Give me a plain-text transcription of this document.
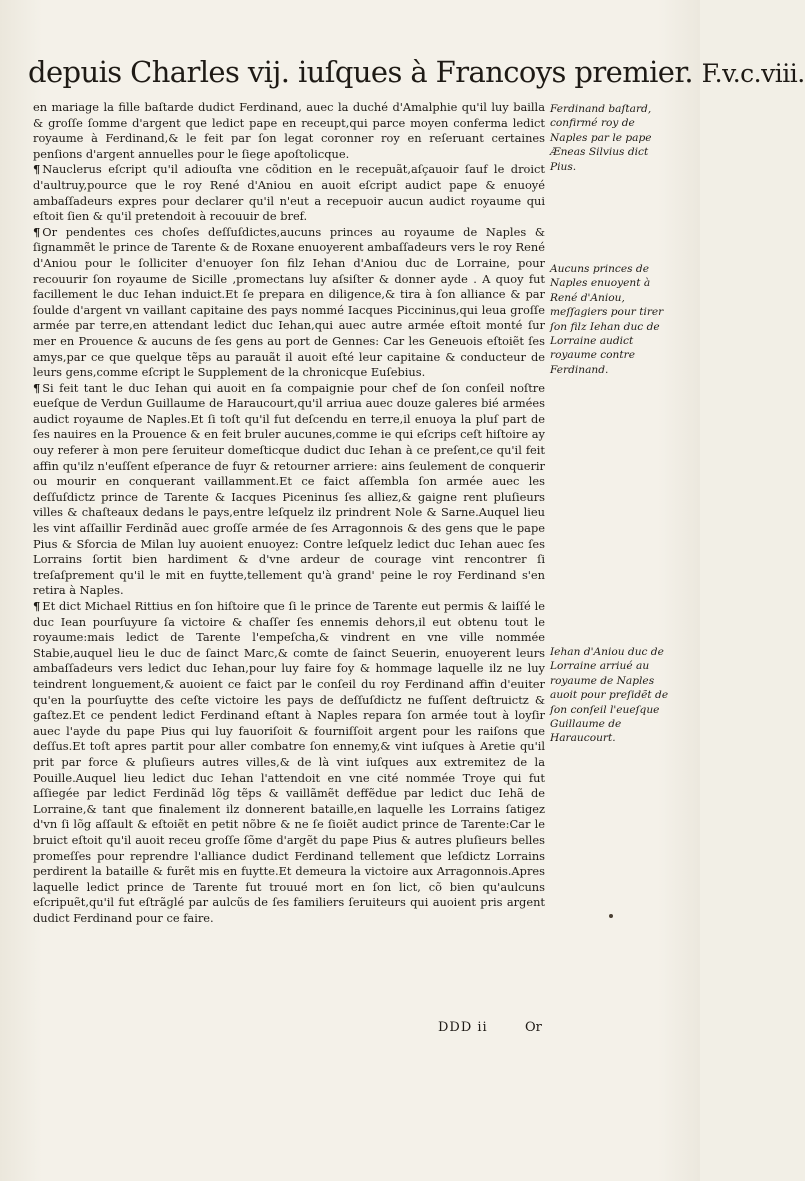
depuis Charles vij. iuſques à Francoys premier. F.v.c.viii.

en mariage la fille baſtarde dudict Ferdinand, auec la duché d'Amalphie qu'il luy bailla & groſſe ſomme d'argent que ledict pape en receupt,qui parce moyen conferma ledict royaume à Ferdinand,& le feit par ſon legat coronner roy en reſeruant certaines penſions d'argent annuelles pour le ſiege apoſtolicque.

¶ Nauclerus eſcript qu'il adiouſta vne cõdition en le recepuãt,aſçauoir ſauf le droict d'aultruy,pource que le roy René d'Aniou en auoit eſcript audict pape & enuoyé ambaſſadeurs expres pour declarer qu'il n'eut a recepuoir aucun audict royaume qui eſtoit ſien & qu'il pretendoit à recouuir de bref.

¶ Or pendentes ces choſes deſſuſdictes,aucuns princes au royaume de Naples & ſignammẽt le prince de Tarente & de Roxane enuoyerent ambaſſadeurs vers le roy René d'Aniou pour le ſolliciter d'enuoyer ſon filz Iehan d'Aniou duc de Lorraine, pour recouurir ſon royaume de Sicille ,promectans luy aſsiſter & donner ayde . A quoy fut facillement le duc Iehan induict.Et ſe prepara en diligence,& tira à ſon alliance & par ſoulde d'argent vn vaillant capitaine des pays nommé Iacques Piccininus,qui leua groſſe armée par terre,en attendant ledict duc Iehan,qui auec autre armée eſtoit monté ſur mer en Prouence & aucuns de ſes gens au port de Gennes: Car les Geneuois eſtoiẽt ſes amys,par ce que quelque tẽps au parauãt il auoit eſté leur capitaine & conducteur de leurs gens,comme eſcript le Supplement de la chronicque Euſebius.

¶ Si feit tant le duc Iehan qui auoit en ſa compaignie pour chef de ſon conſeil noſtre eueſque de Verdun Guillaume de Haraucourt,qu'il arriua auec douze galeres bié armées audict royaume de Naples.Et ſi toſt qu'il fut deſcendu en terre,il enuoya la pluſ part de ſes nauires en la Prouence & en feit bruler aucunes,comme ie qui eſcrips ceſt hiſtoire ay ouy referer à mon pere ſeruiteur domeſticque dudict duc Iehan à ce preſent,ce qu'il feit affin qu'ilz n'euſſent eſperance de fuyr & retourner arriere: ains ſeulement de conquerir ou mourir en conquerant vaillamment.Et ce faict aſſembla ſon armée auec les deſſuſdictz prince de Tarente & Iacques Piceninus ſes alliez,& gaigne rent pluſieurs villes & chaſteaux dedans le pays,entre leſquelz ilz prindrent Nole & Sarne.Auquel lieu les vint aſſaillir Ferdinãd auec groſſe armée de ſes Arragonnois & des gens que le pape Pius & Sforcia de Milan luy auoient enuoyez: Contre leſquelz ledict duc Iehan auec ſes Lorrains ſortit bien hardiment & d'vne ardeur de courage vint rencontrer ſi treſaſprement qu'il le mit en fuytte,tellement qu'à grand' peine le roy Ferdinand s'en retira à Naples.

¶ Et dict Michael Rittius en ſon hiſtoire que ſi le prince de Tarente eut permis & laiſſé le duc Iean pourſuyure ſa victoire & chaſſer ſes ennemis dehors,il eut obtenu tout le royaume:mais ledict de Tarente l'empeſcha,& vindrent en vne ville nommée Stabie,auquel lieu le duc de ſainct Marc,& comte de ſainct Seuerin, enuoyerent leurs ambaſſadeurs vers ledict duc Iehan,pour luy faire foy & hommage laquelle ilz ne luy teindrent longuement,& auoient ce faict par le conſeil du roy Ferdinand affin d'euiter qu'en la pourſuytte des ceſte victoire les pays de deſſuſdictz ne fuſſent deſtruictz & gaſtez.Et ce pendent ledict Ferdinand eſtant à Naples repara ſon armée tout à loyſir auec l'ayde du pape Pius qui luy fauoriſoit & fourniſſoit argent pour les raiſons que deſſus.Et toſt apres partit pour aller combatre ſon ennemy,& vint iuſques à Aretie qu'il prit par force & pluſieurs autres villes,& de là vint iuſques aux extremitez de la Pouille.Auquel lieu ledict duc Iehan l'attendoit en vne cité nommée Troye qui fut aſſiegée par ledict Ferdinãd lõg tẽps & vaillãmẽt deffẽdue par ledict duc Iehã de Lorraine,& tant que finalement ilz donnerent bataille,en laquelle les Lorrains ſatigez d'vn ſi lõg aſſault & eſtoiẽt en petit nõbre & ne ſe ſioiẽt audict prince de Tarente:Car le bruict eſtoit qu'il auoit receu groſſe ſõme d'argẽt du pape Pius & autres pluſieurs belles promeſſes pour reprendre l'alliance dudict Ferdinand tellement que leſdictz Lorrains perdirent la bataille & furẽt mis en fuytte.Et demeura la victoire aux Arragonnois.Apres laquelle ledict prince de Tarente fut trouué mort en ſon lict, cõ bien qu'aulcuns eſcripuẽt,qu'il fut eſtrãglé par aulcũs de ſes familiers ſeruiteurs qui auoient pris argent dudict Ferdinand pour ce faire.

Ferdinand baſtard, confirmé roy de Naples par le pape Æneas Silvius dict Pius.
Aucuns princes de Naples enuoyent à René d'Aniou, meſſagiers pour tirer ſon filz Iehan duc de Lorraine audict royaume contre Ferdinand.
Iehan d'Aniou duc de Lorraine arriué au royaume de Naples auoit pour preſidẽt de ſon conſeil l'eueſque Guillaume de Haraucourt.
DDD ii	Or
